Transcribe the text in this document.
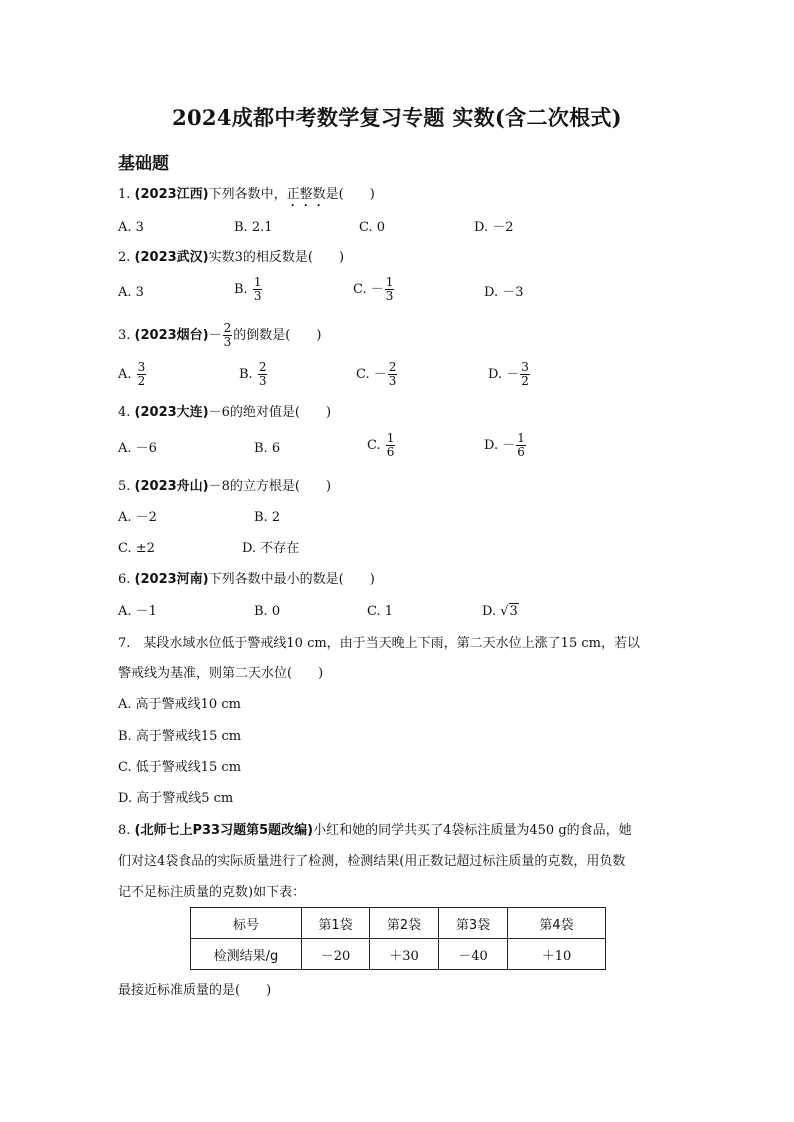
2024成都中考数学复习专题 实数(含二次根式)
基础题
1. (2023江西)下列各数中，正整数是(　　)
A. 3	B. 2.1	C. 0	D. －2
2. (2023武汉)实数3的相反数是(　　)
A. 3	B. $\frac{1}{3}$	C. － $\frac{1}{3}$	D. －3
3. (2023烟台)－ $\frac{2}{3}$ 的倒数是(　　)
A. $\frac{3}{2}$	B. $\frac{2}{3}$	C. － $\frac{2}{3}$	D. － $\frac{3}{2}$
4. (2023大连)－6的绝对值是(　　)
A. －6	B. 6	C. $\frac{1}{6}$	D. － $\frac{1}{6}$
5. (2023舟山)－8的立方根是(　　)
A. －2	B. 2
C. ±2	D. 不存在
6. (2023河南)下列各数中最小的数是(　　)
A. －1	B. 0	C. 1	D. √3
7.　某段水域水位低于警戒线10 cm，由于当天晚上下雨，第二天水位上涨了15 cm，若以
警戒线为基准，则第二天水位(　　)
A. 高于警戒线10 cm
B. 高于警戒线15 cm
C. 低于警戒线15 cm
D. 高于警戒线5 cm
8. (北师七上P33习题第5题改编)小红和她的同学共买了4袋标注质量为450 g的食品，她
们对这4袋食品的实际质量进行了检测，检测结果(用正数记超过标注质量的克数，用负数
记不足标注质量的克数)如下表：
标号	第1袋	第2袋	第3袋	第4袋
检测结果/g	－20	＋30	－40	＋10
最接近标准质量的是(　　)
